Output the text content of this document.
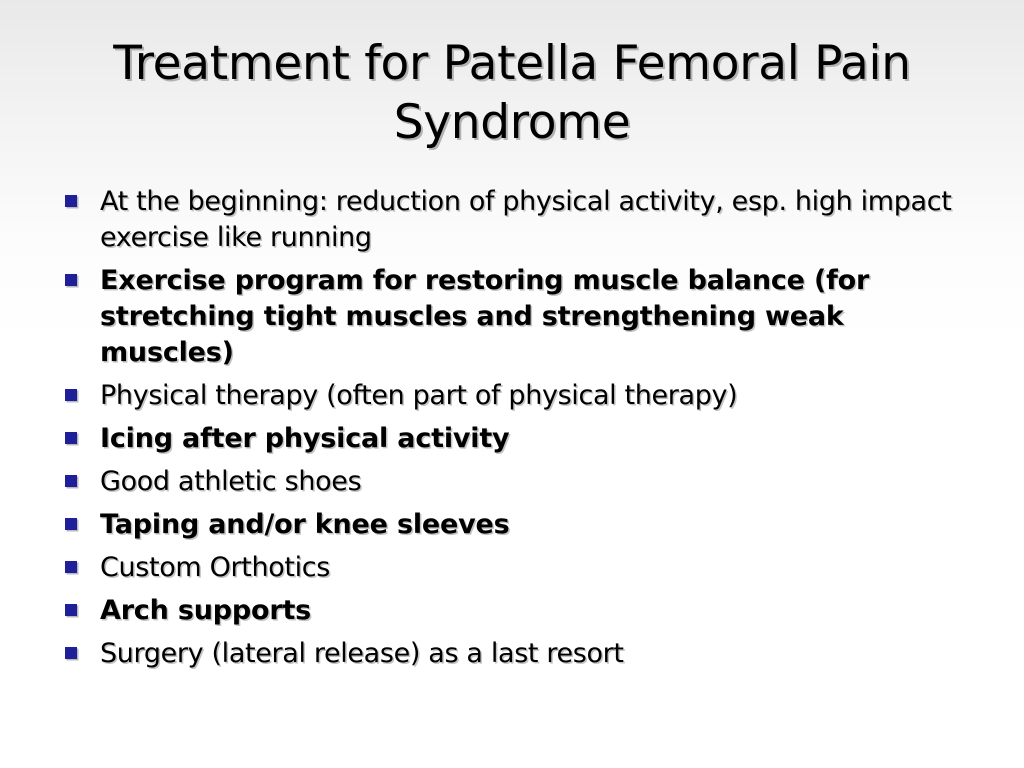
Treatment for Patella Femoral Pain Syndrome
At the beginning: reduction of physical activity, esp. high impact exercise like running
Exercise program for restoring muscle balance (for stretching tight muscles and strengthening weak muscles)
Physical therapy (often part of physical therapy)
Icing after physical activity
Good athletic shoes
Taping and/or knee sleeves
Custom Orthotics
Arch supports
Surgery (lateral release) as a last resort
